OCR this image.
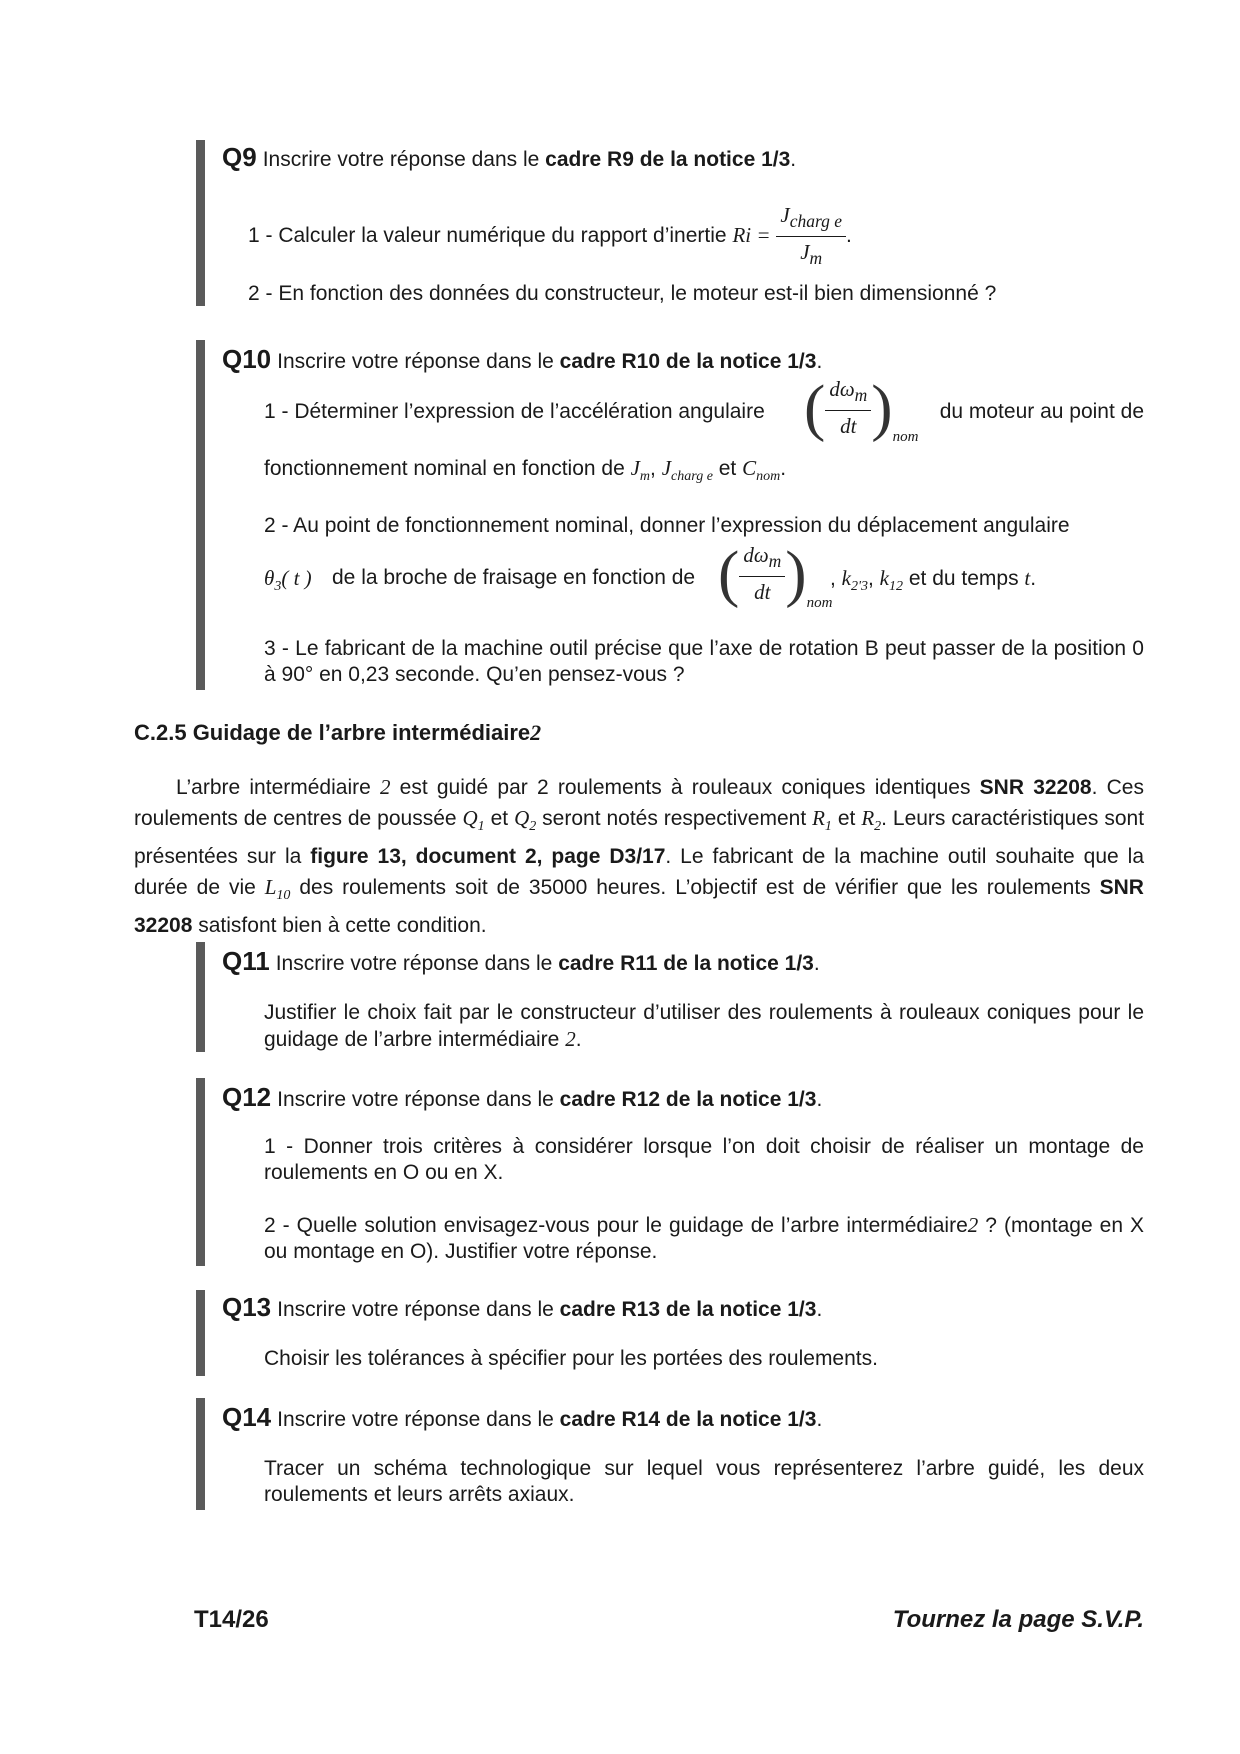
Q9 Inscrire votre réponse dans le cadre R9 de la notice 1/3.
1 - Calculer la valeur numérique du rapport d’inertie $Ri = \frac{J_{charg e}}{J_m}$ .
2 - En fonction des données du constructeur, le moteur est-il bien dimensionné ?
Q10 Inscrire votre réponse dans le cadre R10 de la notice 1/3.
1 - Déterminer l’expression de l’accélération angulaire ( $\frac{d\omega_m}{dt} )_{nom}$
du moteur au point de
fonctionnement nominal en fonction de $J_m$, $J_{charg e}$ et $C_{nom}$.
2 - Au point de fonctionnement nominal, donner l’expression du déplacement angulaire
$\theta_3$( t ) de la broche de fraisage en fonction de ( $\frac{d\omega_m}{dt} )_{nom}$
, $k_{2'3}$, $k_{12}$ et du temps t.
3 - Le fabricant de la machine outil précise que l’axe de rotation B peut passer de la position 0 à 90° en 0,23 seconde. Qu’en pensez-vous ?
C.2.5 Guidage de l’arbre intermédiaire2
L’arbre intermédiaire 2 est guidé par 2 roulements à rouleaux coniques identiques SNR 32208. Ces roulements de centres de poussée $Q_1$ et $Q_2$ seront notés respectivement $R_1$ et $R_2$. Leurs caractéristiques sont présentées sur la figure 13, document 2, page D3/17. Le fabricant de la machine outil souhaite que la durée de vie $L_{10}$ des roulements soit de 35000 heures. L’objectif est de vérifier que les roulements SNR 32208 satisfont bien à cette condition.
Q11 Inscrire votre réponse dans le cadre R11 de la notice 1/3.
Justifier le choix fait par le constructeur d’utiliser des roulements à rouleaux coniques pour le guidage de l’arbre intermédiaire 2.
Q12 Inscrire votre réponse dans le cadre R12 de la notice 1/3.
1 - Donner trois critères à considérer lorsque l’on doit choisir de réaliser un montage de roulements en O ou en X.
2 - Quelle solution envisagez-vous pour le guidage de l’arbre intermédiaire2 ? (montage en X ou montage en O). Justifier votre réponse.
Q13 Inscrire votre réponse dans le cadre R13 de la notice 1/3.
Choisir les tolérances à spécifier pour les portées des roulements.
Q14 Inscrire votre réponse dans le cadre R14 de la notice 1/3.
Tracer un schéma technologique sur lequel vous représenterez l’arbre guidé, les deux roulements et leurs arrêts axiaux.
T14/26	Tournez la page S.V.P.
